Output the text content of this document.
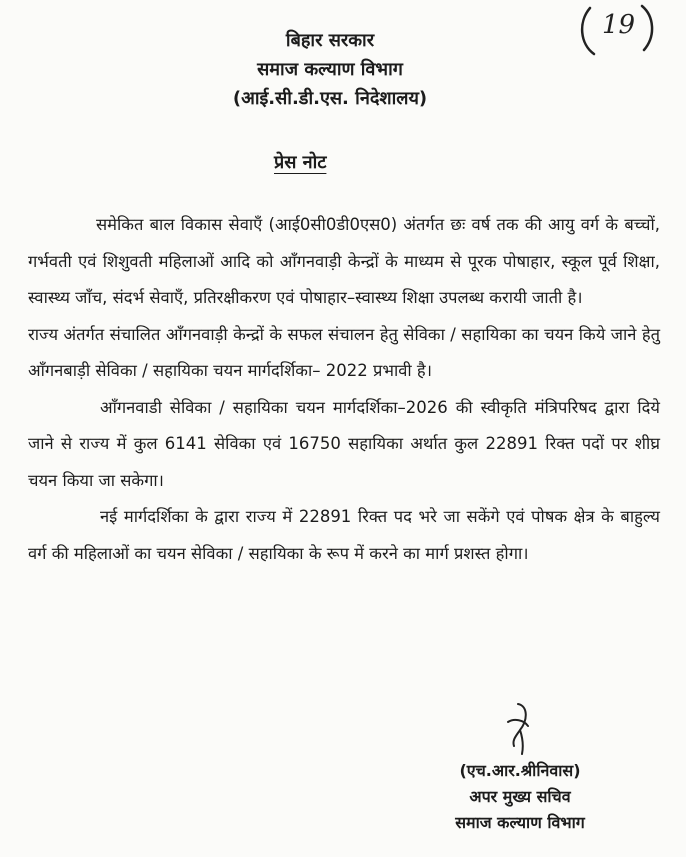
19
बिहार सरकार
समाज कल्याण विभाग
(आई.सी.डी.एस. निदेशालय)
प्रेस नोट

समेकित बाल विकास सेवाएँ (आई0सी0डी0एस0) अंतर्गत छः वर्ष तक की आयु वर्ग के बच्चों, गर्भवती एवं शिशुवती महिलाओं आदि को आँगनवाड़ी केन्द्रों के माध्यम से पूरक पोषाहार, स्कूल पूर्व शिक्षा, स्वास्थ्य जाँच, संदर्भ सेवाएँ, प्रतिरक्षीकरण एवं पोषाहार–स्वास्थ्य शिक्षा उपलब्ध करायी जाती है।

राज्य अंतर्गत संचालित आँगनवाड़ी केन्द्रों के सफल संचालन हेतु सेविका / सहायिका का चयन किये जाने हेतु आँगनबाड़ी सेविका / सहायिका चयन मार्गदर्शिका– 2022 प्रभावी है।

आँगनवाडी सेविका / सहायिका चयन मार्गदर्शिका–2026 की स्वीकृति मंत्रिपरिषद द्वारा दिये जाने से राज्य में कुल 6141 सेविका एवं 16750 सहायिका अर्थात कुल 22891 रिक्त पदों पर शीघ्र चयन किया जा सकेगा।

नई मार्गदर्शिका के द्वारा राज्य में 22891 रिक्त पद भरे जा सकेंगे एवं पोषक क्षेत्र के बाहुल्य वर्ग की महिलाओं का चयन सेविका / सहायिका के रूप में करने का मार्ग प्रशस्त होगा।

(एच.आर.श्रीनिवास)
अपर मुख्य सचिव
समाज कल्याण विभाग
